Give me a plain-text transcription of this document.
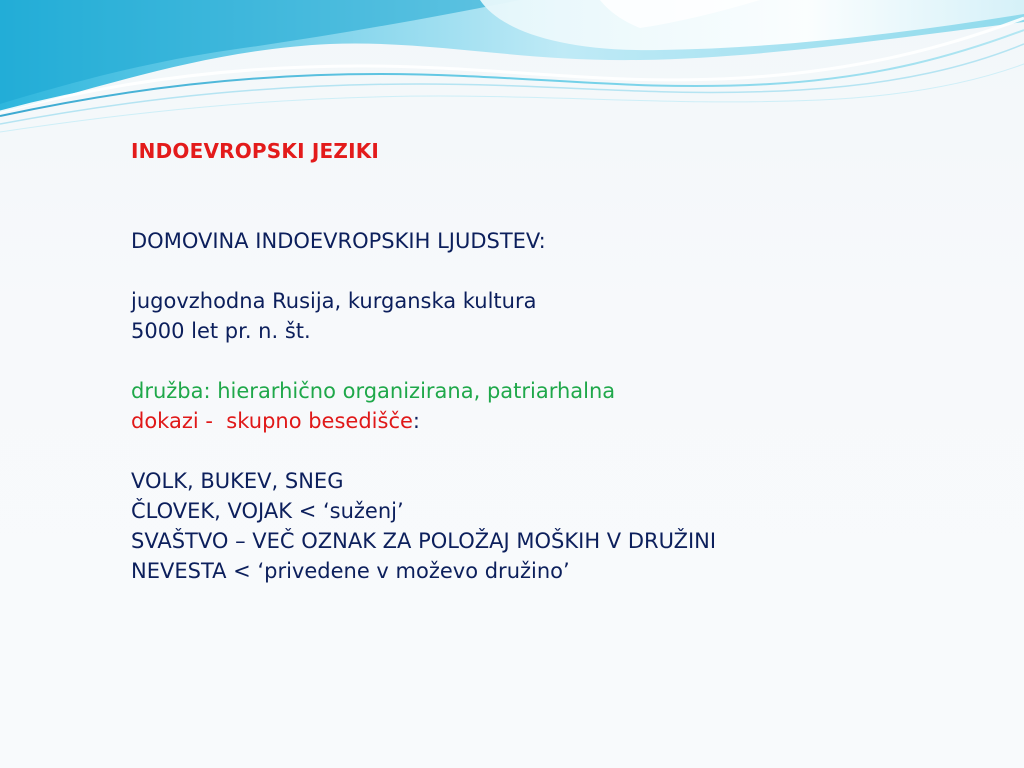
INDOEVROPSKI JEZIKI
DOMOVINA INDOEVROPSKIH LJUDSTEV:
jugovzhodna Rusija, kurganska kultura
5000 let pr. n. št.
družba: hierarhično organizirana, patriarhalna
dokazi -  skupno besedišče:
VOLK, BUKEV, SNEG
ČLOVEK, VOJAK < ‘suženj’
SVAŠTVO – VEČ OZNAK ZA POLOŽAJ MOŠKIH V DRUŽINI
NEVESTA < ‘privedene v moževo družino’
